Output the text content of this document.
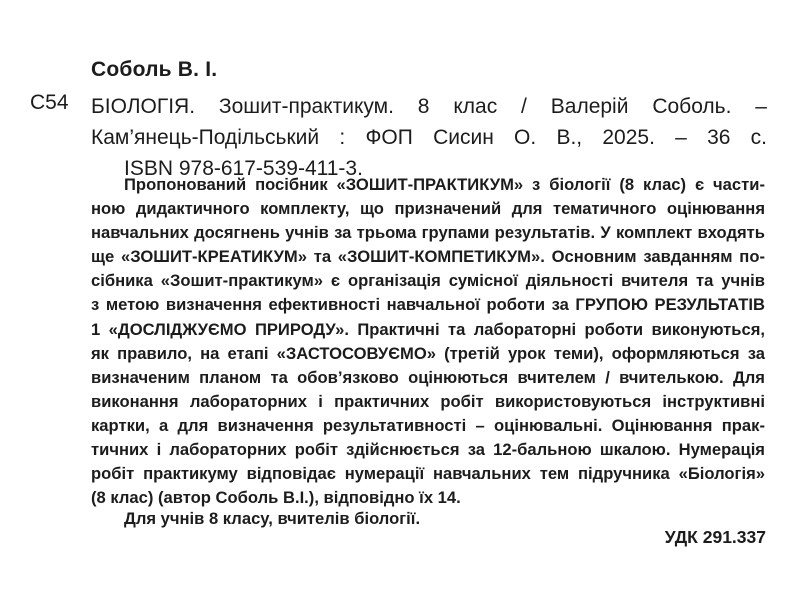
Соболь В. І.
С54 БІОЛОГІЯ. Зошит-практикум. 8 клас / Валерій Соболь. –
Кам’янець-Подільський : ФОП Сисин О. В., 2025. – 36 с.
ISBN 978-617-539-411-3.
Пропонований посібник «ЗОШИТ-ПРАКТИКУМ» з біології (8 клас) є части-
ною дидактичного комплекту, що призначений для тематичного оцінювання
навчальних досягнень учнів за трьома групами результатів. У комплект входять
ще «ЗОШИТ-КРЕАТИКУМ» та «ЗОШИТ-КОМПЕТИКУМ». Основним завданням по-
сібника «Зошит-практикум» є організація сумісної діяльності вчителя та учнів
з метою визначення ефективності навчальної роботи за ГРУПОЮ РЕЗУЛЬТАТІВ
1 «ДОСЛІДЖУЄМО ПРИРОДУ». Практичні та лабораторні роботи виконуються,
як правило, на етапі «ЗАСТОСОВУЄМО» (третій урок теми), оформляються за
визначеним планом та обов’язково оцінюються вчителем / вчителькою. Для
виконання лабораторних і практичних робіт використовуються інструктивні
картки, а для визначення результативності – оцінювальні. Оцінювання прак-
тичних і лабораторних робіт здійснюється за 12-бальною шкалою. Нумерація
робіт практикуму відповідає нумерації навчальних тем підручника «Біологія»
(8 клас) (автор Соболь В.І.), відповідно їх 14.
Для учнів 8 класу, вчителів біології.
УДК 291.337
